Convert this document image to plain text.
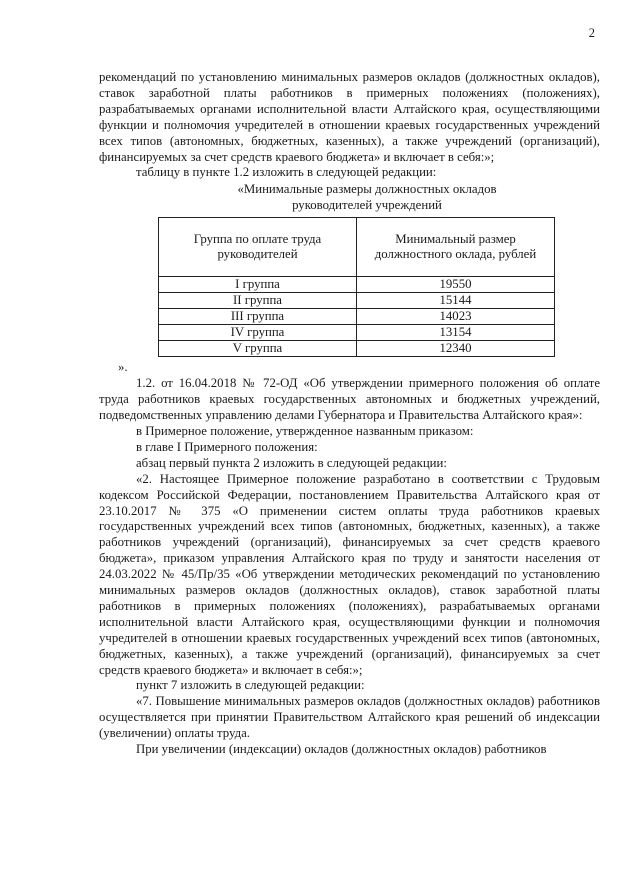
2

рекомендаций по установлению минимальных размеров окладов (должностных окладов), ставок заработной платы работников в примерных положениях (положениях), разрабатываемых органами исполнительной власти Алтайского края, осуществляющими функции и полномочия учредителей в отношении краевых государственных учреждений всех типов (автономных, бюджетных, казенных), а также учреждений (организаций), финансируемых за счет средств краевого бюджета» и включает в себя:»;

таблицу в пункте 1.2 изложить в следующей редакции:

«Минимальные размеры должностных окладов
руководителей учреждений
Группа по оплате труда руководителей	Минимальный размер должностного оклада, рублей
I группа	19550
II группа	15144
III группа	14023
IV группа	13154
V группа	12340

».

1.2. от 16.04.2018 № 72-ОД «Об утверждении примерного положения об оплате труда работников краевых государственных автономных и бюджетных учреждений, подведомственных управлению делами Губернатора и Правительства Алтайского края»:

в Примерное положение, утвержденное названным приказом:

в главе I Примерного положения:

абзац первый пункта 2 изложить в следующей редакции:

«2. Настоящее Примерное положение разработано в соответствии с Трудовым кодексом Российской Федерации, постановлением Правительства Алтайского края от 23.10.2017 № 375 «О применении систем оплаты труда работников краевых государственных учреждений всех типов (автономных, бюджетных, казенных), а также работников учреждений (организаций), финансируемых за счет средств краевого бюджета», приказом управления Алтайского края по труду и занятости населения от 24.03.2022 № 45/Пр/35 «Об утверждении методических рекомендаций по установлению минимальных размеров окладов (должностных окладов), ставок заработной платы работников в примерных положениях (положениях), разрабатываемых органами исполнительной власти Алтайского края, осуществляющими функции и полномочия учредителей в отношении краевых государственных учреждений всех типов (автономных, бюджетных, казенных), а также учреждений (организаций), финансируемых за счет средств краевого бюджета» и включает в себя:»;

пункт 7 изложить в следующей редакции:

«7. Повышение минимальных размеров окладов (должностных окладов) работников осуществляется при принятии Правительством Алтайского края решений об индексации (увеличении) оплаты труда.

При увеличении (индексации) окладов (должностных окладов) работников
